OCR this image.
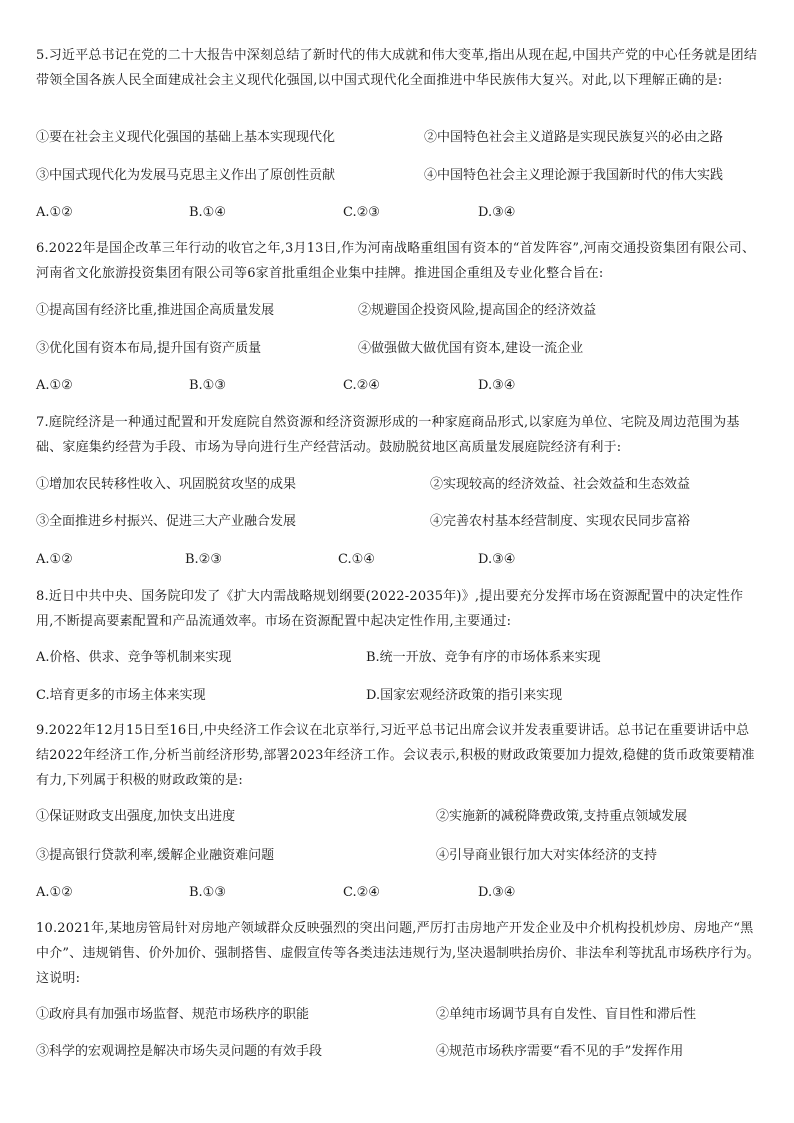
5.习近平总书记在党的二十大报告中深刻总结了新时代的伟大成就和伟大变革,指出从现在起,中国共产党的中心任务就是团结带领全国各族人民全面建成社会主义现代化强国,以中国式现代化全面推进中华民族伟大复兴。对此,以下理解正确的是:
①要在社会主义现代化强国的基础上基本实现现代化	②中国特色社会主义道路是实现民族复兴的必由之路
③中国式现代化为发展马克思主义作出了原创性贡献	④中国特色社会主义理论源于我国新时代的伟大实践
A.①②	B.①④	C.②③	D.③④
6.2022年是国企改革三年行动的收官之年,3月13日,作为河南战略重组国有资本的“首发阵容”,河南交通投资集团有限公司、河南省文化旅游投资集团有限公司等6家首批重组企业集中挂牌。推进国企重组及专业化整合旨在:
①提高国有经济比重,推进国企高质量发展	②规避国企投资风险,提高国企的经济效益
③优化国有资本布局,提升国有资产质量	④做强做大做优国有资本,建设一流企业
A.①②	B.①③	C.②④	D.③④
7.庭院经济是一种通过配置和开发庭院自然资源和经济资源形成的一种家庭商品形式,以家庭为单位、宅院及周边范围为基础、家庭集约经营为手段、市场为导向进行生产经营活动。鼓励脱贫地区高质量发展庭院经济有利于:
①增加农民转移性收入、巩固脱贫攻坚的成果	②实现较高的经济效益、社会效益和生态效益
③全面推进乡村振兴、促进三大产业融合发展	④完善农村基本经营制度、实现农民同步富裕
A.①②	B.②③	C.①④	D.③④
8.近日中共中央、国务院印发了《扩大内需战略规划纲要(2022-2035年)》,提出要充分发挥市场在资源配置中的决定性作用,不断提高要素配置和产品流通效率。市场在资源配置中起决定性作用,主要通过:
A.价格、供求、竞争等机制来实现	B.统一开放、竞争有序的市场体系来实现
C.培育更多的市场主体来实现	D.国家宏观经济政策的指引来实现
9.2022年12月15日至16日,中央经济工作会议在北京举行,习近平总书记出席会议并发表重要讲话。总书记在重要讲话中总结2022年经济工作,分析当前经济形势,部署2023年经济工作。会议表示,积极的财政政策要加力提效,稳健的货币政策要精准有力,下列属于积极的财政政策的是:
①保证财政支出强度,加快支出进度	②实施新的减税降费政策,支持重点领域发展
③提高银行贷款利率,缓解企业融资难问题	④引导商业银行加大对实体经济的支持
A.①②	B.①③	C.②④	D.③④
10.2021年,某地房管局针对房地产领域群众反映强烈的突出问题,严厉打击房地产开发企业及中介机构投机炒房、房地产“黑中介”、违规销售、价外加价、强制搭售、虚假宣传等各类违法违规行为,坚决遏制哄抬房价、非法牟利等扰乱市场秩序行为。这说明:
①政府具有加强市场监督、规范市场秩序的职能	②单纯市场调节具有自发性、盲目性和滞后性
③科学的宏观调控是解决市场失灵问题的有效手段	④规范市场秩序需要“看不见的手”发挥作用
